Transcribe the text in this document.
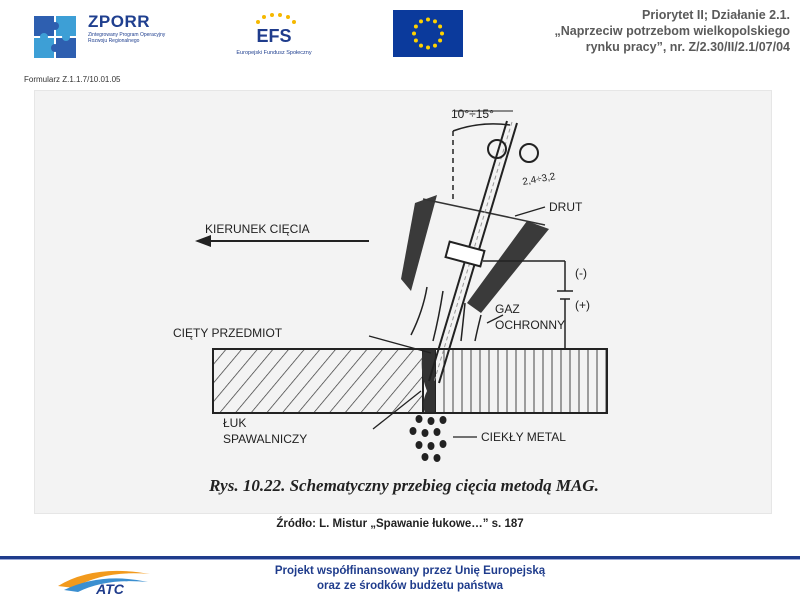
ZPORR
Zintegrowany Program Operacyjny Rozwoju Regionalnego	EFS
Europejski Fundusz Społeczny
Priorytet II; Działanie 2.1.
„Naprzeciw potrzebom wielkopolskiego
rynku pracy”, nr. Z/2.30/II/2.1/07/04
Formularz Z.1.1.7/10.01.05
10°÷15°
2,4÷3,2
KIERUNEK CIĘCIA
DRUT
(-)
(+)
GAZ
OCHRONNY
CIĘTY PRZEDMIOT
ŁUK
SPAWALNICZY	CIEKŁY METAL
Rys. 10.22. Schematyczny przebieg cięcia metodą MAG.
Źródło: L. Mistur „Spawanie łukowe…” s. 187
ATC
Projekt współfinansowany przez Unię Europejską
oraz ze środków budżetu państwa
